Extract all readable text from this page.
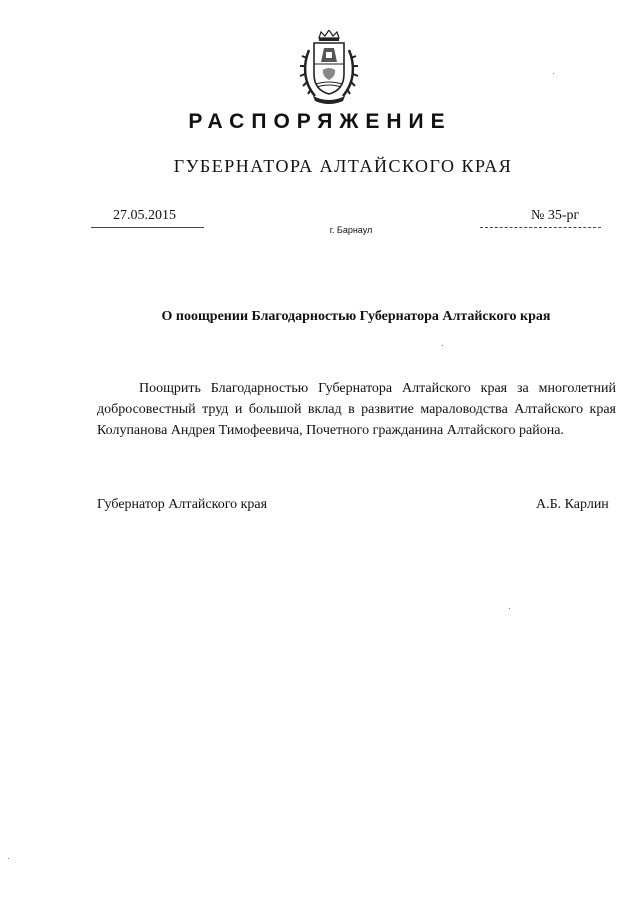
РАСПОРЯЖЕНИЕ
ГУБЕРНАТОРА АЛТАЙСКОГО КРАЯ
27.05.2015	№ 35-рг
г. Барнаул
О поощрении Благодарностью Губернатора Алтайского края

Поощрить Благодарностью Губернатора Алтайского края за многолетний добросовестный труд и большой вклад в развитие мараловодства Алтайского края Колупанова Андрея Тимофеевича, Почетного гражданина Алтайского района.

Губернатор Алтайского края	А.Б. Карлин
